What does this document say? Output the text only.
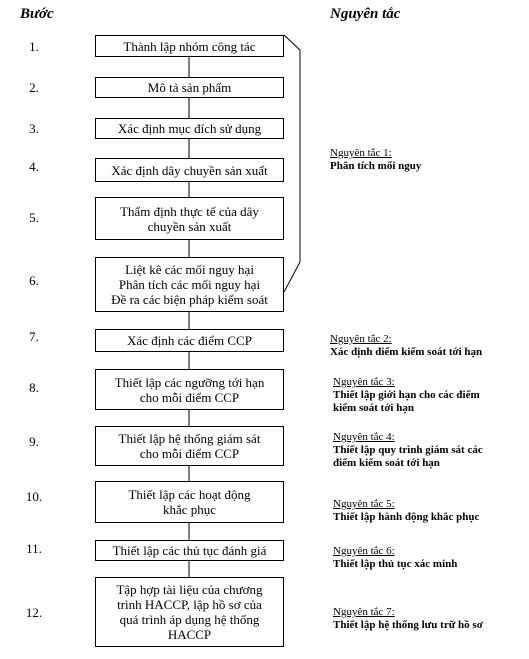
Bước	Nguyên tắc
1.
2.
3.
4.
5.
6.
7.
8.
9.
10.
11.
12.
Thành lập nhóm công tác
Mô tả sản phẩm
Xác định mục đích sử dụng
Xác định dây chuyền sản xuất
Thẩm định thực tế của dây
chuyền sản xuất
Liệt kê các mối nguy hại
Phân tích các mối nguy hại
Đề ra các biện pháp kiểm soát
Xác định các điểm CCP
Thiết lập các ngưỡng tới hạn
cho mỗi điểm CCP
Thiết lập hệ thống giám sát
cho mỗi điểm CCP
Thiết lập các hoạt động
khắc phục
Thiết lập các thủ tục đánh giá
Tập hợp tài liệu của chương
trình HACCP, lập hồ sơ của
quá trình áp dụng hệ thống
HACCP
Nguyên tắc 1:
Phân tích mối nguy
Nguyên tắc 2:
Xác định điểm kiểm soát tới hạn
Nguyên tắc 3:
Thiết lập giới hạn cho các điểm
kiểm soát tới hạn
Nguyên tắc 4:
Thiết lập quy trình giám sát các
điểm kiểm soát tới hạn
Nguyên tắc 5:
Thiết lập hành động khắc phục
Nguyên tắc 6:
Thiết lập thủ tục xác minh
Nguyên tắc 7:
Thiết lập hệ thống lưu trữ hồ sơ
